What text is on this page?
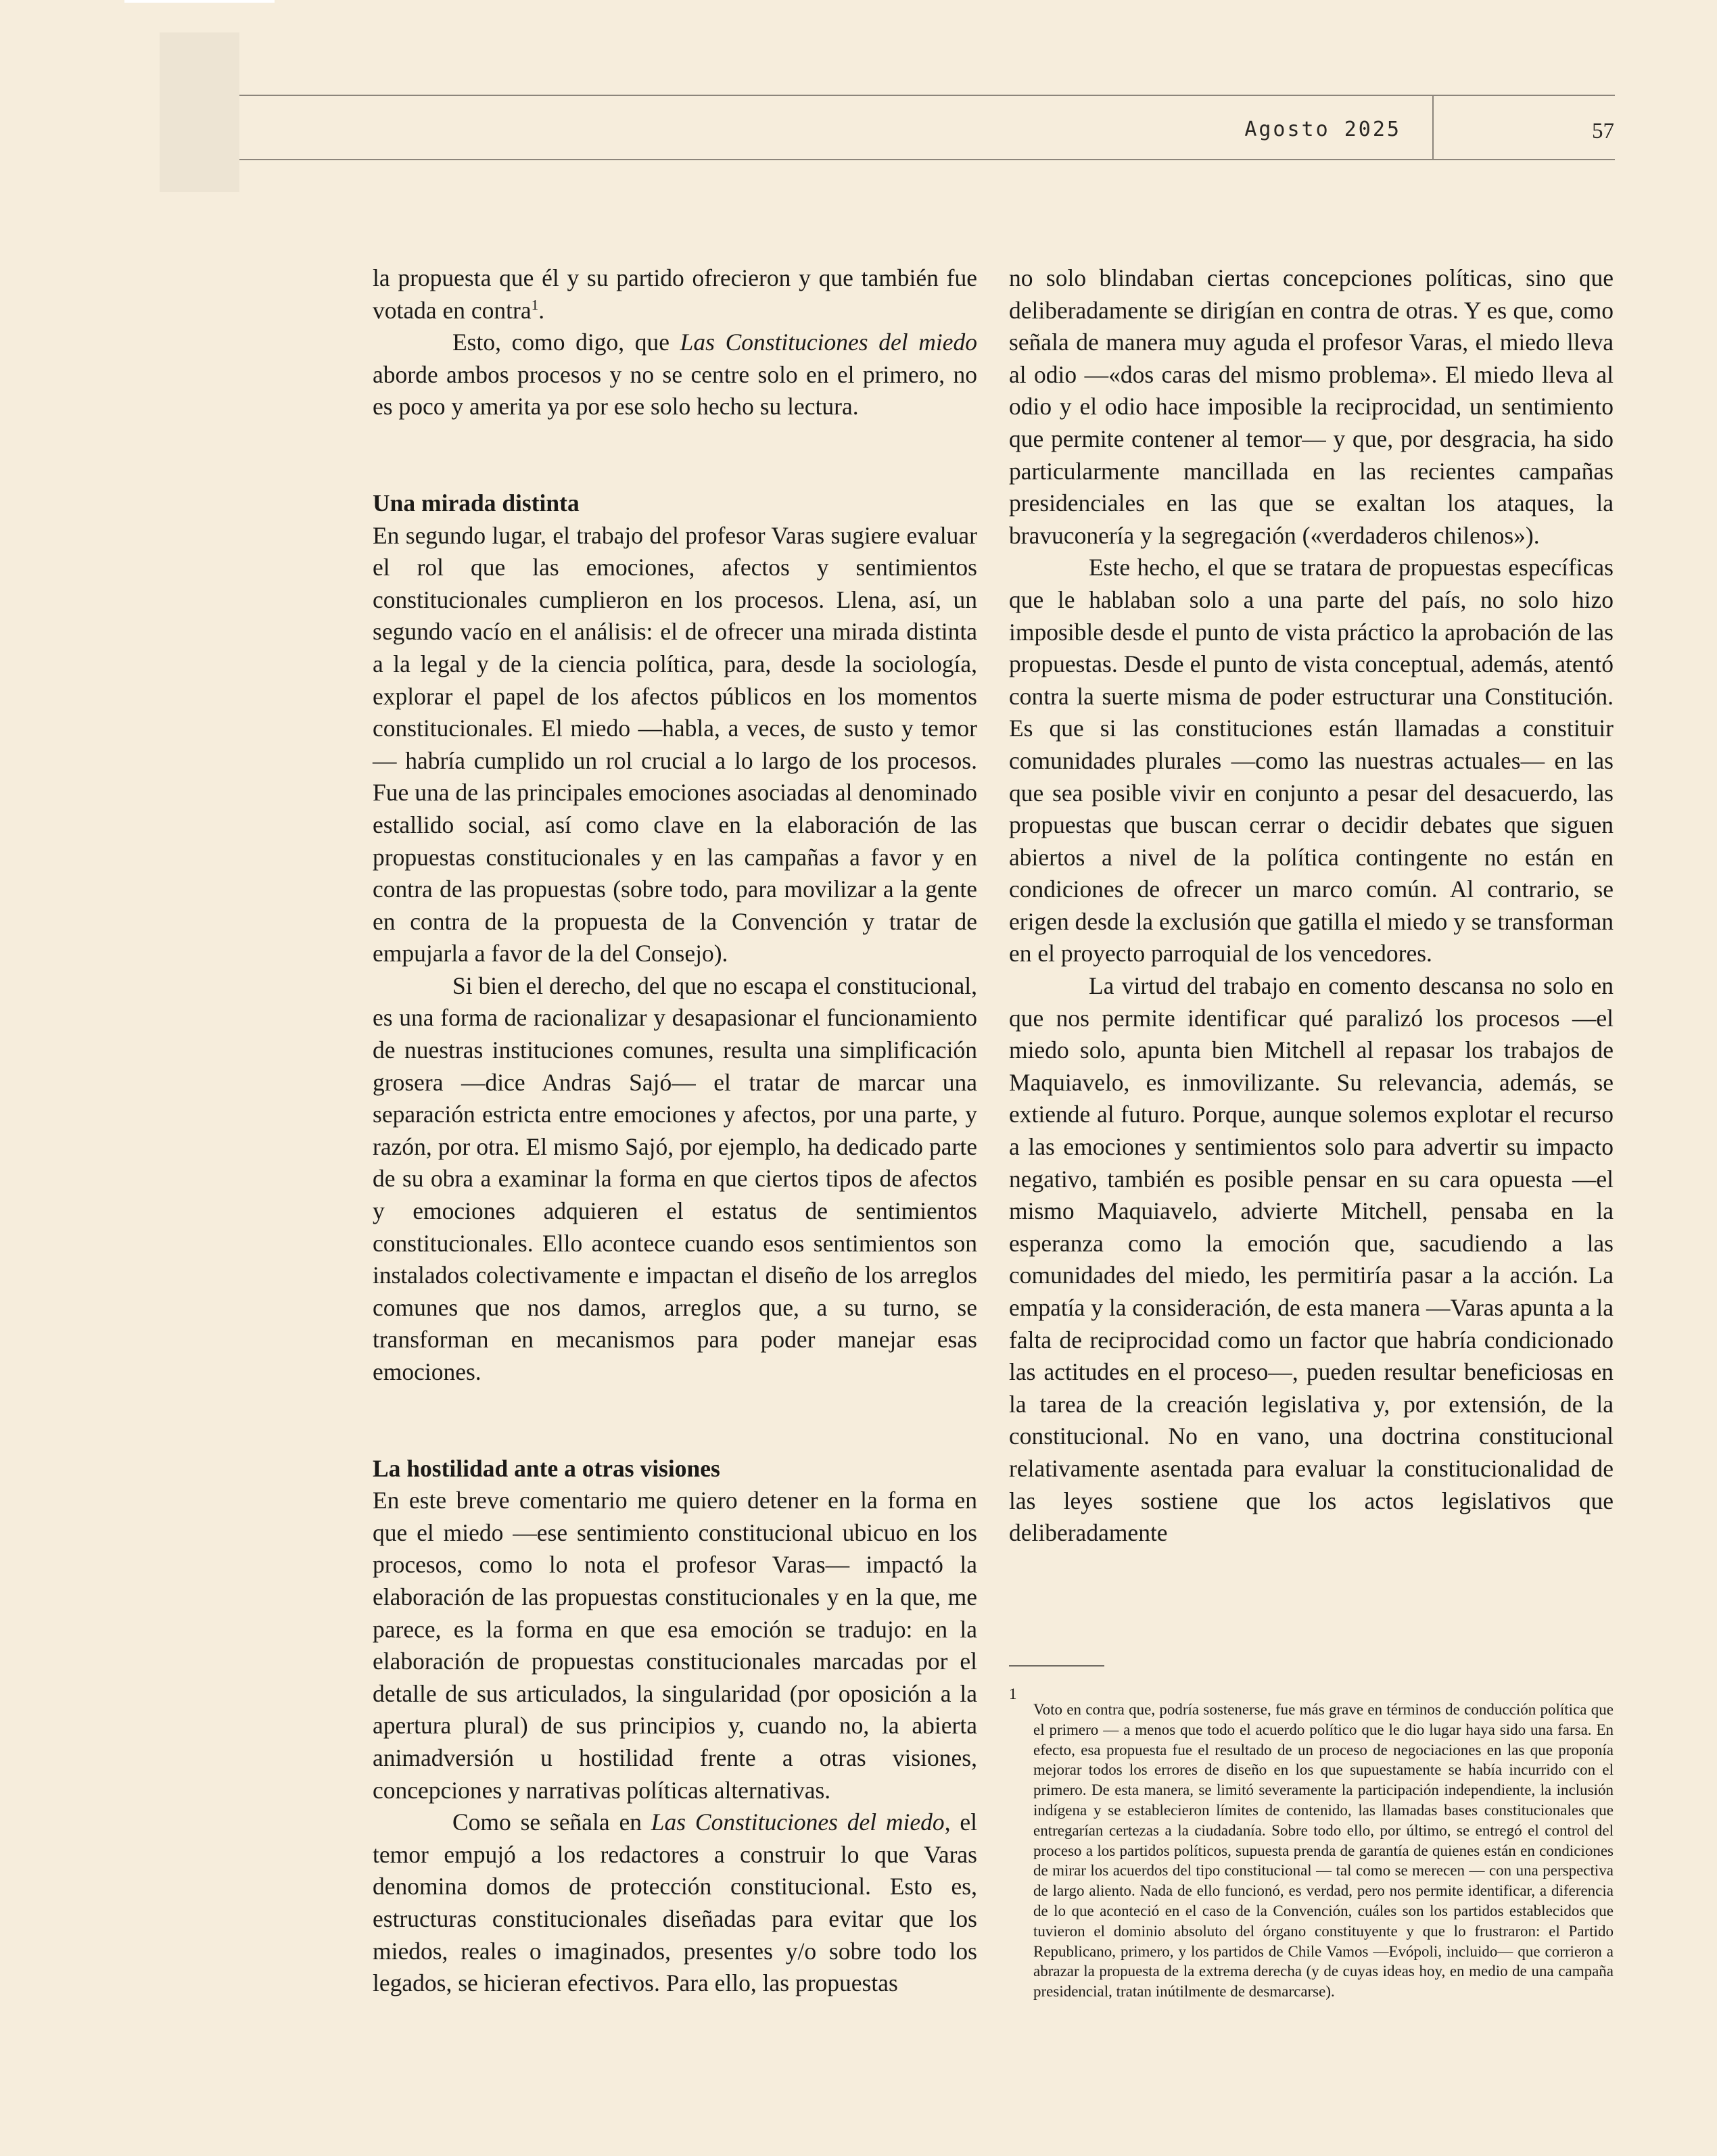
Agosto 2025	57

la propuesta que él y su partido ofrecieron y que también fue votada en contra$^1$.

Esto, como digo, que Las Constituciones del miedo aborde ambos procesos y no se centre solo en el primero, no es poco y amerita ya por ese solo hecho su lectura.

Una mirada distinta

En segundo lugar, el trabajo del profesor Varas sugiere evaluar el rol que las emociones, afectos y sentimientos constitucionales cumplieron en los procesos. Llena, así, un segundo vacío en el análisis: el de ofrecer una mirada distinta a la legal y de la ciencia política, para, desde la sociología, explorar el papel de los afectos públicos en los momentos constitucionales. El miedo —habla, a veces, de susto y temor— habría cumplido un rol crucial a lo largo de los procesos. Fue una de las principales emociones asociadas al denominado estallido social, así como clave en la elaboración de las propuestas constitucionales y en las campañas a favor y en contra de las propuestas (sobre todo, para movilizar a la gente en contra de la propuesta de la Convención y tratar de empujarla a favor de la del Consejo).

Si bien el derecho, del que no escapa el constitucional, es una forma de racionalizar y desapasionar el funcionamiento de nuestras instituciones comunes, resulta una simplificación grosera —dice Andras Sajó— el tratar de marcar una separación estricta entre emociones y afectos, por una parte, y razón, por otra. El mismo Sajó, por ejemplo, ha dedicado parte de su obra a examinar la forma en que ciertos tipos de afectos y emociones adquieren el estatus de sentimientos constitucionales. Ello acontece cuando esos sentimientos son instalados colectivamente e impactan el diseño de los arreglos comunes que nos damos, arreglos que, a su turno, se transforman en mecanismos para poder manejar esas emociones.

La hostilidad ante a otras visiones

En este breve comentario me quiero detener en la forma en que el miedo —ese sentimiento constitucional ubicuo en los procesos, como lo nota el profesor Varas— impactó la elaboración de las propuestas constitucionales y en la que, me parece, es la forma en que esa emoción se tradujo: en la elaboración de propuestas constitucionales marcadas por el detalle de sus articulados, la singularidad (por oposición a la apertura plural) de sus principios y, cuando no, la abierta animadversión u hostilidad frente a otras visiones, concepciones y narrativas políticas alternativas.

Como se señala en Las Constituciones del miedo, el temor empujó a los redactores a construir lo que Varas denomina domos de protección constitucional. Esto es, estructuras constitucionales diseñadas para evitar que los miedos, reales o imaginados, presentes y/o sobre todo los legados, se hicieran efectivos. Para ello, las propuestas

no solo blindaban ciertas concepciones políticas, sino que deliberadamente se dirigían en contra de otras. Y es que, como señala de manera muy aguda el profesor Varas, el miedo lleva al odio —«dos caras del mismo problema». El miedo lleva al odio y el odio hace imposible la reciprocidad, un sentimiento que permite contener al temor— y que, por desgracia, ha sido particularmente mancillada en las recientes campañas presidenciales en las que se exaltan los ataques, la bravuconería y la segregación («verdaderos chilenos»).

Este hecho, el que se tratara de propuestas específicas que le hablaban solo a una parte del país, no solo hizo imposible desde el punto de vista práctico la aprobación de las propuestas. Desde el punto de vista conceptual, además, atentó contra la suerte misma de poder estructurar una Constitución. Es que si las constituciones están llamadas a constituir comunidades plurales —como las nuestras actuales— en las que sea posible vivir en conjunto a pesar del desacuerdo, las propuestas que buscan cerrar o decidir debates que siguen abiertos a nivel de la política contingente no están en condiciones de ofrecer un marco común. Al contrario, se erigen desde la exclusión que gatilla el miedo y se transforman en el proyecto parroquial de los vencedores.

La virtud del trabajo en comento descansa no solo en que nos permite identificar qué paralizó los procesos —el miedo solo, apunta bien Mitchell al repasar los trabajos de Maquiavelo, es inmovilizante. Su relevancia, además, se extiende al futuro. Porque, aunque solemos explotar el recurso a las emociones y sentimientos solo para advertir su impacto negativo, también es posible pensar en su cara opuesta —el mismo Maquiavelo, advierte Mitchell, pensaba en la esperanza como la emoción que, sacudiendo a las comunidades del miedo, les permitiría pasar a la acción. La empatía y la consideración, de esta manera —Varas apunta a la falta de reciprocidad como un factor que habría condicionado las actitudes en el proceso—, pueden resultar beneficiosas en la tarea de la creación legislativa y, por extensión, de la constitucional. No en vano, una doctrina constitucional relativamente asentada para evaluar la constitucionalidad de las leyes sostiene que los actos legislativos que deliberadamente

1

Voto en contra que, podría sostenerse, fue más grave en términos de conducción política que el primero — a menos que todo el acuerdo político que le dio lugar haya sido una farsa. En efecto, esa propuesta fue el resultado de un proceso de negociaciones en las que proponía mejorar todos los errores de diseño en los que supuestamente se había incurrido con el primero. De esta manera, se limitó severamente la participación independiente, la inclusión indígena y se establecieron límites de contenido, las llamadas bases constitucionales que entregarían certezas a la ciudadanía. Sobre todo ello, por último, se entregó el control del proceso a los partidos políticos, supuesta prenda de garantía de quienes están en condiciones de mirar los acuerdos del tipo constitucional — tal como se merecen — con una perspectiva de largo aliento. Nada de ello funcionó, es verdad, pero nos permite identificar, a diferencia de lo que aconteció en el caso de la Convención, cuáles son los partidos establecidos que tuvieron el dominio absoluto del órgano constituyente y que lo frustraron: el Partido Republicano, primero, y los partidos de Chile Vamos —Evópoli, incluido— que corrieron a abrazar la propuesta de la extrema derecha (y de cuyas ideas hoy, en medio de una campaña presidencial, tratan inútilmente de desmarcarse).
